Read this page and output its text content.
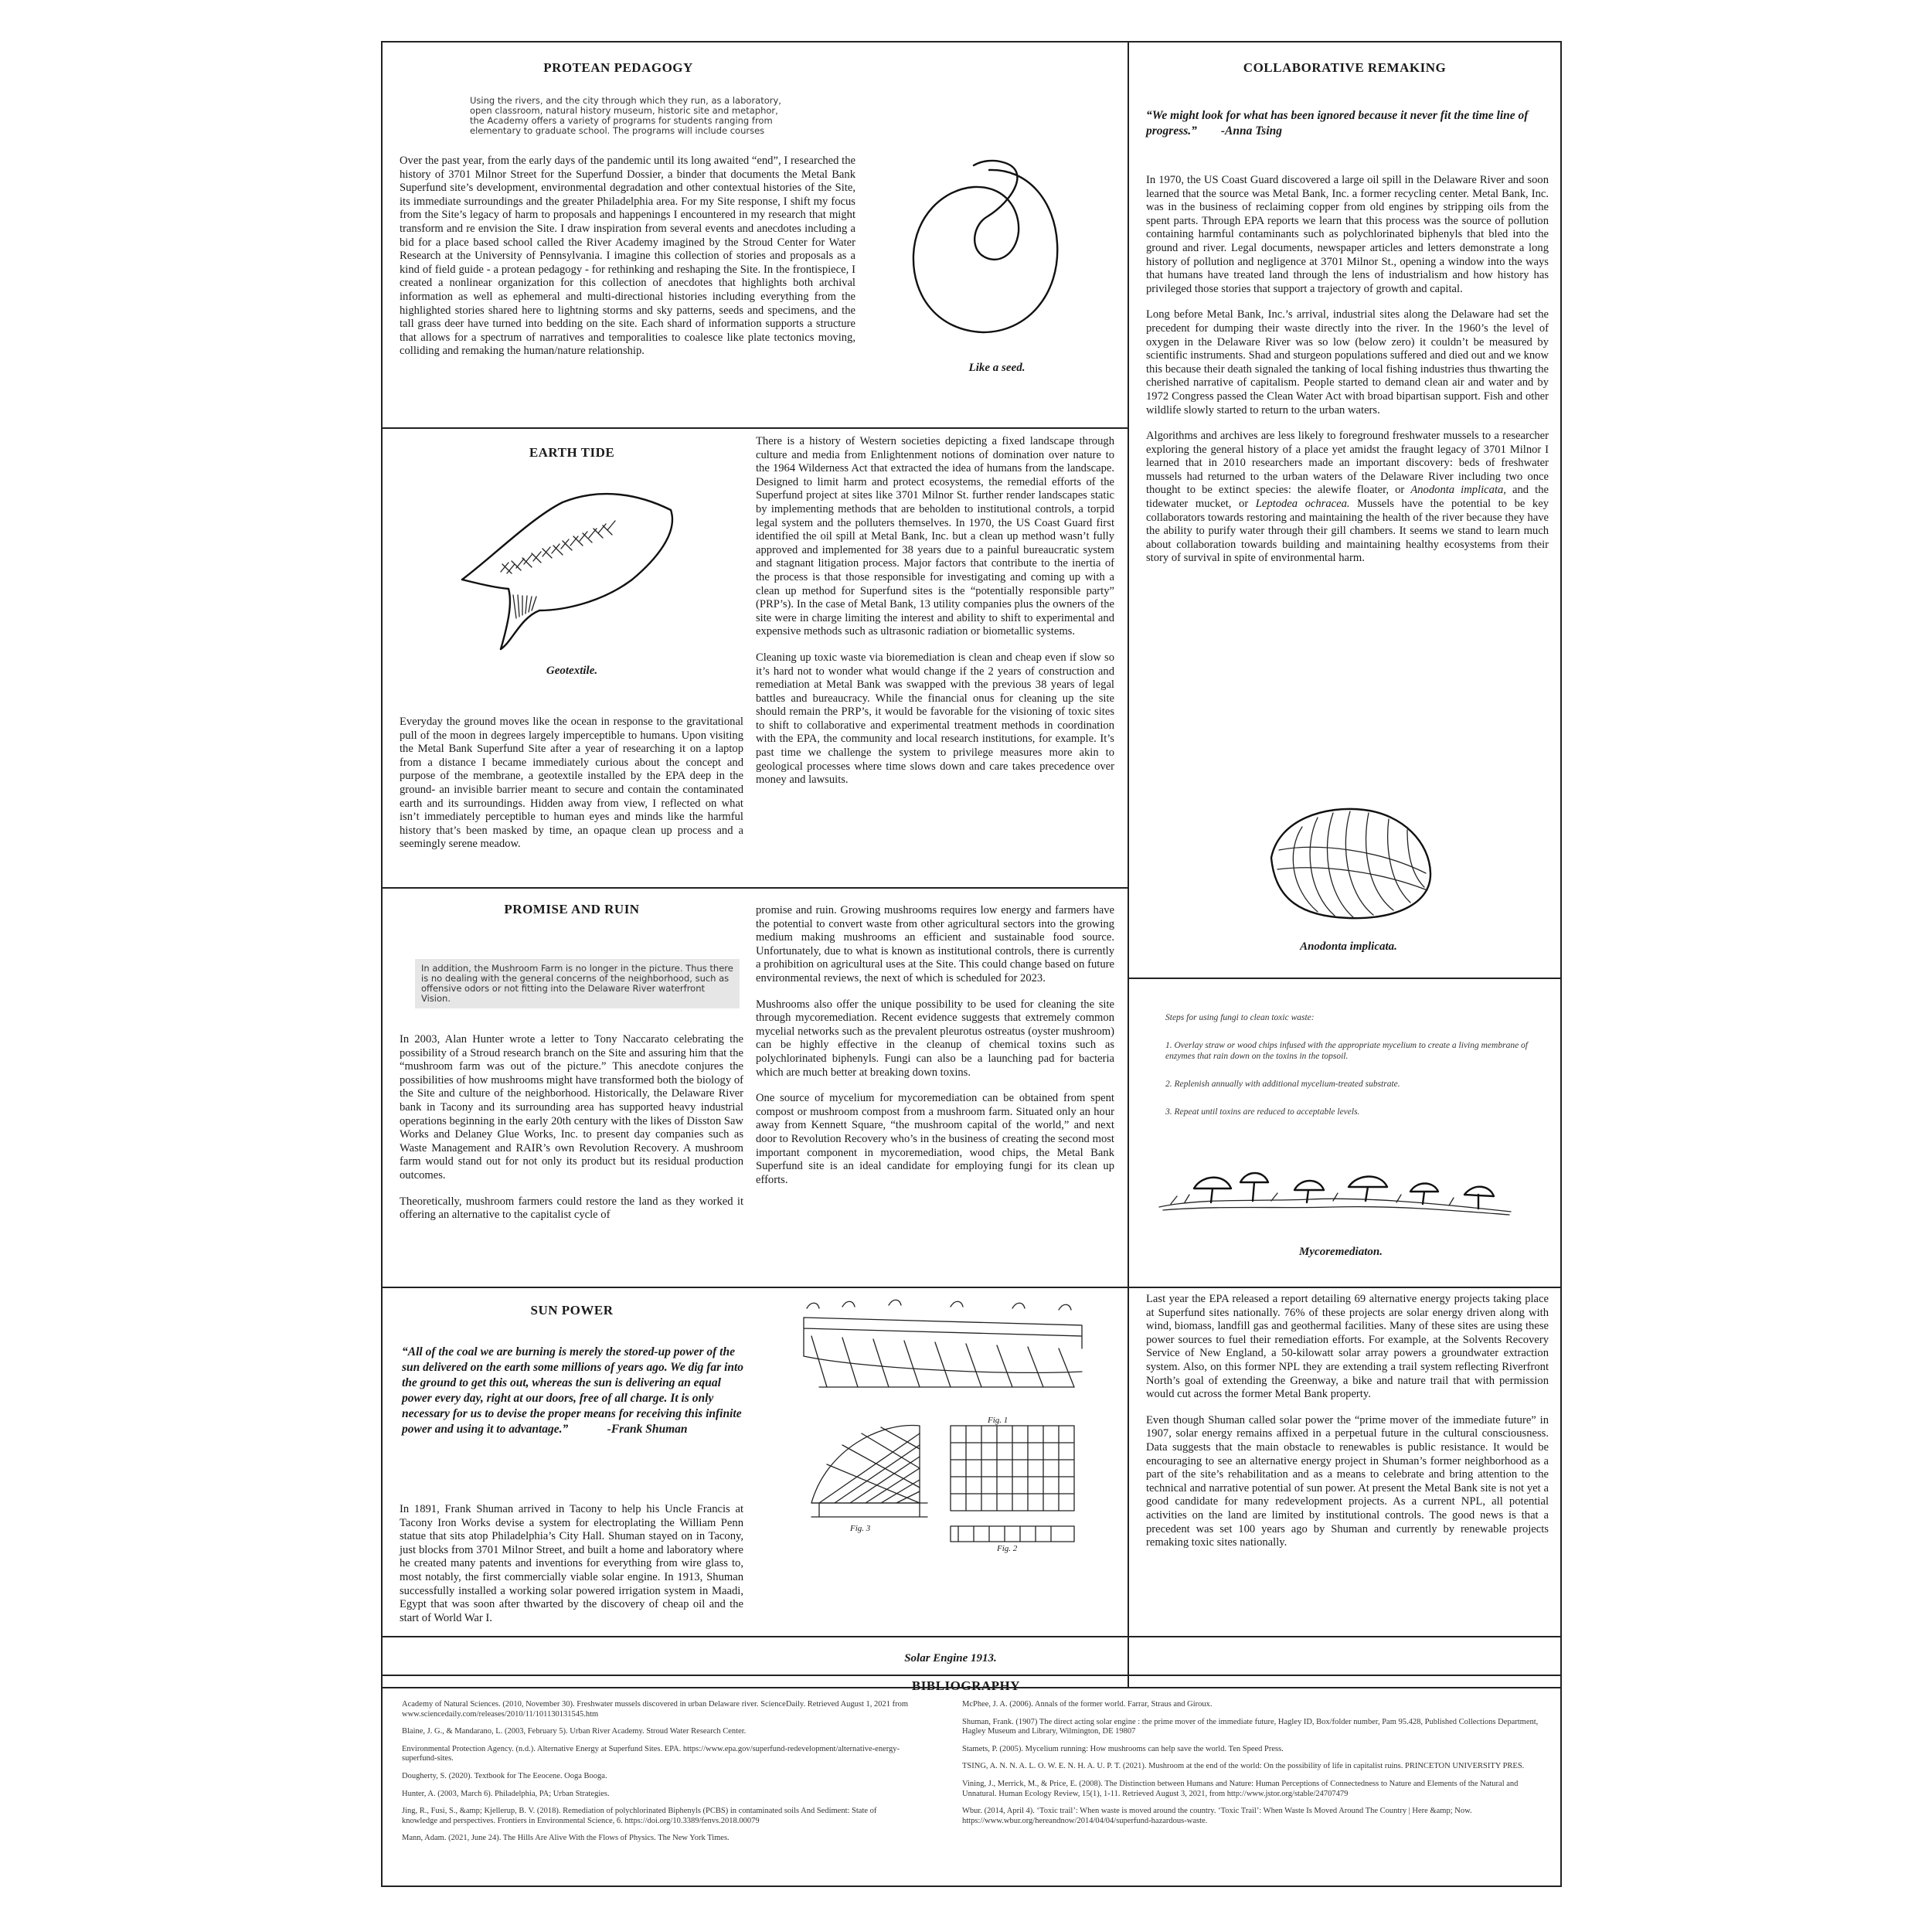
PROTEAN PEDAGOGY
Using the rivers, and the city through which they run, as a laboratory, open classroom, natural history museum, historic site and metaphor, the Academy offers a variety of programs for students ranging from elementary to graduate school. The programs will include courses
Over the past year, from the early days of the pandemic until its long awaited “end”, I researched the history of 3701 Milnor Street for the Superfund Dossier, a binder that documents the Metal Bank Superfund site’s development, environmental degradation and other contextual histories of the Site, its immediate surroundings and the greater Philadelphia area. For my Site response, I shift my focus from the Site’s legacy of harm to proposals and happenings I encountered in my research that might transform and re envision the Site. I draw inspiration from several events and anecdotes including a bid for a place based school called the River Academy imagined by the Stroud Center for Water Research at the University of Pennsylvania. I imagine this collection of stories and proposals as a kind of field guide - a protean pedagogy - for rethinking and reshaping the Site. In the frontispiece, I created a nonlinear organization for this collection of anecdotes that highlights both archival information as well as ephemeral and multi-directional histories including everything from the highlighted stories shared here to lightning storms and sky patterns, seeds and specimens, and the tall grass deer have turned into bedding on the site. Each shard of information supports a structure that allows for a spectrum of narratives and temporalities to coalesce like plate tectonics moving, colliding and remaking the human/nature relationship.
Like a seed.
COLLABORATIVE REMAKING
“We might look for what has been ignored because it never fit the time line of progress.”        -Anna Tsing

In 1970, the US Coast Guard discovered a large oil spill in the Delaware River and soon learned that the source was Metal Bank, Inc. a former recycling center. Metal Bank, Inc. was in the business of reclaiming copper from old engines by stripping oils from the spent parts. Through EPA reports we learn that this process was the source of pollution containing harmful contaminants such as polychlorinated biphenyls that bled into the ground and river. Legal documents, newspaper articles and letters demonstrate a long history of pollution and negligence at 3701 Milnor St., opening a window into the ways that humans have treated land through the lens of industrialism and how history has privileged those stories that support a trajectory of growth and capital.

Long before Metal Bank, Inc.’s arrival, industrial sites along the Delaware had set the precedent for dumping their waste directly into the river. In the 1960’s the level of oxygen in the Delaware River was so low (below zero) it couldn’t be measured by scientific instruments. Shad and sturgeon populations suffered and died out and we know this because their death signaled the tanking of local fishing industries thus thwarting the cherished narrative of capitalism. People started to demand clean air and water and by 1972 Congress passed the Clean Water Act with broad bipartisan support. Fish and other wildlife slowly started to return to the urban waters.

Algorithms and archives are less likely to foreground freshwater mussels to a researcher exploring the general history of a place yet amidst the fraught legacy of 3701 Milnor I learned that in 2010 researchers made an important discovery: beds of freshwater mussels had returned to the urban waters of the Delaware River including two once thought to be extinct species: the alewife floater, or Anodonta implicata, and the tidewater mucket, or Leptodea ochracea. Mussels have the potential to be key collaborators towards restoring and maintaining the health of the river because they have the ability to purify water through their gill chambers. It seems we stand to learn much about collaboration towards building and maintaining healthy ecosystems from their story of survival in spite of environmental harm.

Anodonta implicata.
EARTH TIDE
Geotextile.
Everyday the ground moves like the ocean in response to the gravitational pull of the moon in degrees largely imperceptible to humans. Upon visiting the Metal Bank Superfund Site after a year of researching it on a laptop from a distance I became immediately curious about the concept and purpose of the membrane, a geotextile installed by the EPA deep in the ground- an invisible barrier meant to secure and contain the contaminated earth and its surroundings. Hidden away from view, I reflected on what isn’t immediately perceptible to human eyes and minds like the harmful history that’s been masked by time, an opaque clean up process and a seemingly serene meadow.

There is a history of Western societies depicting a fixed landscape through culture and media from Enlightenment notions of domination over nature to the 1964 Wilderness Act that extracted the idea of humans from the landscape. Designed to limit harm and protect ecosystems, the remedial efforts of the Superfund project at sites like 3701 Milnor St. further render landscapes static by implementing methods that are beholden to institutional controls, a torpid legal system and the polluters themselves. In 1970, the US Coast Guard first identified the oil spill at Metal Bank, Inc. but a clean up method wasn’t fully approved and implemented for 38 years due to a painful bureaucratic system and stagnant litigation process. Major factors that contribute to the inertia of the process is that those responsible for investigating and coming up with a clean up method for Superfund sites is the “potentially responsible party” (PRP’s). In the case of Metal Bank, 13 utility companies plus the owners of the site were in charge limiting the interest and ability to shift to experimental and expensive methods such as ultrasonic radiation or biometallic systems.

Cleaning up toxic waste via bioremediation is clean and cheap even if slow so it’s hard not to wonder what would change if the 2 years of construction and remediation at Metal Bank was swapped with the previous 38 years of legal battles and bureaucracy. While the financial onus for cleaning up the site should remain the PRP’s, it would be favorable for the visioning of toxic sites to shift to collaborative and experimental treatment methods in coordination with the EPA, the community and local research institutions, for example. It’s past time we challenge the system to privilege measures more akin to geological processes where time slows down and care takes precedence over money and lawsuits.

PROMISE AND RUIN
In addition, the Mushroom Farm is no longer in the picture. Thus there is no dealing with the general concerns of the neighborhood, such as offensive odors or not fitting into the Delaware River waterfront Vision.

In 2003, Alan Hunter wrote a letter to Tony Naccarato celebrating the possibility of a Stroud research branch on the Site and assuring him that the “mushroom farm was out of the picture.” This anecdote conjures the possibilities of how mushrooms might have transformed both the biology of the Site and culture of the neighborhood. Historically, the Delaware River bank in Tacony and its surrounding area has supported heavy industrial operations beginning in the early 20th century with the likes of Disston Saw Works and Delaney Glue Works, Inc. to present day companies such as Waste Management and RAIR’s own Revolution Recovery. A mushroom farm would stand out for not only its product but its residual production outcomes.

Theoretically, mushroom farmers could restore the land as they worked it offering an alternative to the capitalist cycle of

promise and ruin. Growing mushrooms requires low energy and farmers have the potential to convert waste from other agricultural sectors into the growing medium making mushrooms an efficient and sustainable food source. Unfortunately, due to what is known as institutional controls, there is currently a prohibition on agricultural uses at the Site. This could change based on future environmental reviews, the next of which is scheduled for 2023.

Mushrooms also offer the unique possibility to be used for cleaning the site through mycoremediation. Recent evidence suggests that extremely common mycelial networks such as the prevalent pleurotus ostreatus (oyster mushroom) can be highly effective in the cleanup of chemical toxins such as polychlorinated biphenyls. Fungi can also be a launching pad for bacteria which are much better at breaking down toxins.

One source of mycelium for mycoremediation can be obtained from spent compost or mushroom compost from a mushroom farm. Situated only an hour away from Kennett Square, “the mushroom capital of the world,” and next door to Revolution Recovery who’s in the business of creating the second most important component in mycoremediation, wood chips, the Metal Bank Superfund site is an ideal candidate for employing fungi for its clean up efforts.

Steps for using fungi to clean toxic waste:
1. Overlay straw or wood chips infused with the appropriate mycelium to create a living membrane of enzymes that rain down on the toxins in the topsoil.
2. Replenish annually with additional mycelium-treated substrate.
3. Repeat until toxins are reduced to acceptable levels.
Mycoremediaton.
SUN POWER
“All of the coal we are burning is merely the stored-up power of the sun delivered on the earth some millions of years ago. We dig far into the ground to get this out, whereas the sun is delivering an equal power every day, right at our doors, free of all charge. It is only necessary for us to devise the proper means for receiving this infinite power and using it to advantage.”             -Frank Shuman
In 1891, Frank Shuman arrived in Tacony to help his Uncle Francis at Tacony Iron Works devise a system for electroplating the William Penn statue that sits atop Philadelphia’s City Hall. Shuman stayed on in Tacony, just blocks from 3701 Milnor Street, and built a home and laboratory where he created many patents and inventions for everything from wire glass to, most notably, the first commercially viable solar engine. In 1913, Shuman successfully installed a working solar powered irrigation system in Maadi, Egypt that was soon after thwarted by the discovery of cheap oil and the start of World War I.
Fig. 3
Fig. 1
Fig. 2
Solar Engine 1913.

Last year the EPA released a report detailing 69 alternative energy projects taking place at Superfund sites nationally. 76% of these projects are solar energy driven along with wind, biomass, landfill gas and geothermal facilities. Many of these sites are using these power sources to fuel their remediation efforts. For example, at the Solvents Recovery Service of New England, a 50-kilowatt solar array powers a groundwater extraction system. Also, on this former NPL they are extending a trail system reflecting Riverfront North’s goal of extending the Greenway, a bike and nature trail that with permission would cut across the former Metal Bank property.

Even though Shuman called solar power the “prime mover of the immediate future” in 1907, solar energy remains affixed in a perpetual future in the cultural consciousness. Data suggests that the main obstacle to renewables is public resistance. It would be encouraging to see an alternative energy project in Shuman’s former neighborhood as a part of the site’s rehabilitation and as a means to celebrate and bring attention to the technical and narrative potential of sun power. At present the Metal Bank site is not yet a good candidate for many redevelopment projects. As a current NPL, all potential activities on the land are limited by institutional controls. The good news is that a precedent was set 100 years ago by Shuman and currently by renewable projects remaking toxic sites nationally.

BIBLIOGRAPHY
Academy of Natural Sciences. (2010, November 30). Freshwater mussels discovered in urban Delaware river. ScienceDaily. Retrieved August 1, 2021 from www.sciencedaily.com/releases/2010/11/101130131545.htm
Blaine, J. G., & Mandarano, L. (2003, February 5). Urban River Academy. Stroud Water Research Center.
Environmental Protection Agency. (n.d.). Alternative Energy at Superfund Sites. EPA. https://www.epa.gov/superfund-redevelopment/alternative-energy-superfund-sites.
Dougherty, S. (2020). Textbook for The Eeocene. Ooga Booga.
Hunter, A. (2003, March 6). Philadelphia, PA; Urban Strategies.
Jing, R., Fusi, S., &amp; Kjellerup, B. V. (2018). Remediation of polychlorinated Biphenyls (PCBS) in contaminated soils And Sediment: State of knowledge and perspectives. Frontiers in Environmental Science, 6. https://doi.org/10.3389/fenvs.2018.00079
Mann, Adam. (2021, June 24). The Hills Are Alive With the Flows of Physics. The New York Times.
McPhee, J. A. (2006). Annals of the former world. Farrar, Straus and Giroux.
Shuman, Frank. (1907) The direct acting solar engine : the prime mover of the immediate future, Hagley ID, Box/folder number, Pam 95.428, Published Collections Department, Hagley Museum and Library, Wilmington, DE 19807
Stamets, P. (2005). Mycelium running: How mushrooms can help save the world. Ten Speed Press.
TSING, A. N. N. A. L. O. W. E. N. H. A. U. P. T. (2021). Mushroom at the end of the world: On the possibility of life in capitalist ruins. PRINCETON UNIVERSITY PRES.
Vining, J., Merrick, M., & Price, E. (2008). The Distinction between Humans and Nature: Human Perceptions of Connectedness to Nature and Elements of the Natural and Unnatural. Human Ecology Review, 15(1), 1-11. Retrieved August 3, 2021, from http://www.jstor.org/stable/24707479
Wbur. (2014, April 4). ‘Toxic trail’: When waste is moved around the country. ‘Toxic Trail’: When Waste Is Moved Around The Country | Here &amp; Now. https://www.wbur.org/hereandnow/2014/04/04/superfund-hazardous-waste.
